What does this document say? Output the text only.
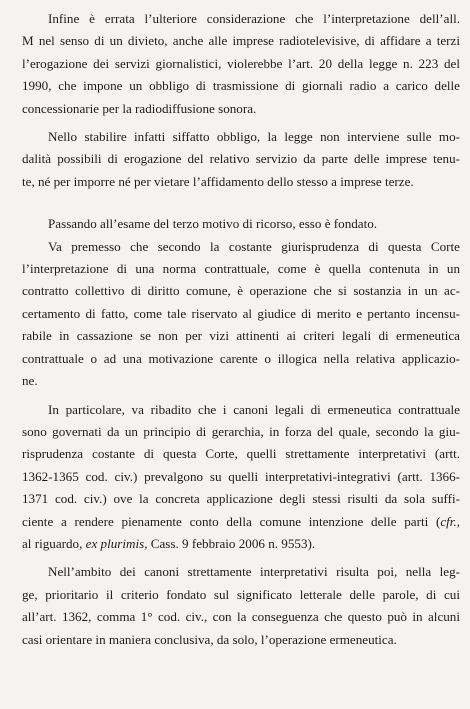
Infine è errata l’ulteriore considerazione che l’interpretazione dell’all.
M nel senso di un divieto, anche alle imprese radiotelevisive, di affidare a terzi
l’erogazione dei servizi giornalistici, violerebbe l’art. 20 della legge n. 223 del
1990, che impone un obbligo di trasmissione di giornali radio a carico delle
concessionarie per la radiodiffusione sonora.

Nello stabilire infatti siffatto obbligo, la legge non interviene sulle mo-
dalità possibili di erogazione del relativo servizio da parte delle imprese tenu-
te, né per imporre né per vietare l’affidamento dello stesso a imprese terze.

Passando all’esame del terzo motivo di ricorso, esso è fondato.

Va premesso che secondo la costante giurisprudenza di questa Corte
l’interpretazione di una norma contrattuale, come è quella contenuta in un
contratto collettivo di diritto comune, è operazione che si sostanzia in un ac-
certamento di fatto, come tale riservato al giudice di merito e pertanto incensu-
rabile in cassazione se non per vizi attinenti ai criteri legali di ermeneutica
contrattuale o ad una motivazione carente o illogica nella relativa applicazio-
ne.

In particolare, va ribadito che i canoni legali di ermeneutica contrattuale
sono governati da un principio di gerarchia, in forza del quale, secondo la giu-
risprudenza costante di questa Corte, quelli strettamente interpretativi (artt.
1362-1365 cod. civ.) prevalgono su quelli interpretativi-integrativi (artt. 1366-
1371 cod. civ.) ove la concreta applicazione degli stessi risulti da sola suffi-
ciente a rendere pienamente conto della comune intenzione delle parti (cfr.,
al riguardo, ex plurimis, Cass. 9 febbraio 2006 n. 9553).

Nell’ambito dei canoni strettamente interpretativi risulta poi, nella leg-
ge, prioritario il criterio fondato sul significato letterale delle parole, di cui
all’art. 1362, comma 1° cod. civ., con la conseguenza che questo può in alcuni
casi orientare in maniera conclusiva, da solo, l’operazione ermeneutica.
